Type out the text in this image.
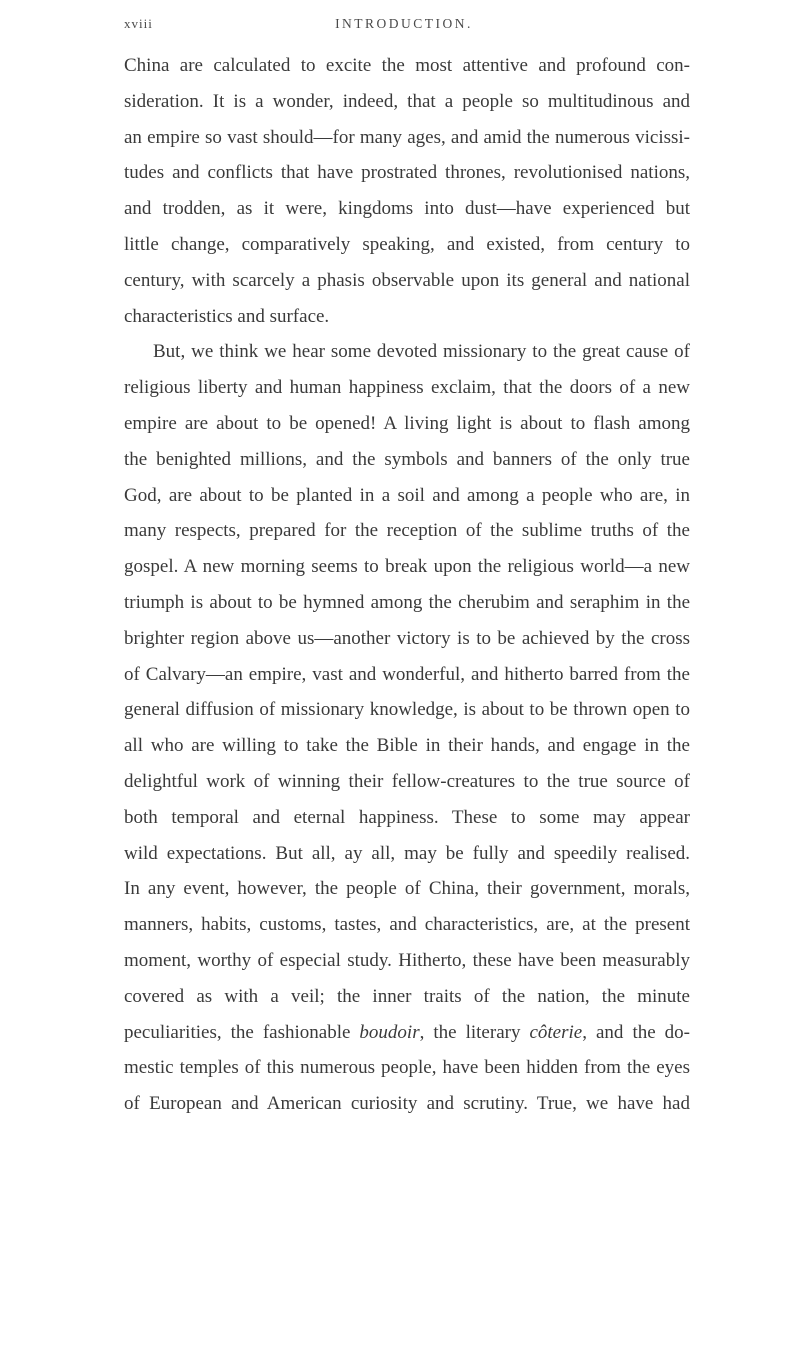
xviii	INTRODUCTION.
China are calculated to excite the most attentive and profound con-
sideration. It is a wonder, indeed, that a people so multitudinous and
an empire so vast should—for many ages, and amid the numerous vicissi-
tudes and conflicts that have prostrated thrones, revolutionised nations,
and trodden, as it were, kingdoms into dust—have experienced but
little change, comparatively speaking, and existed, from century to
century, with scarcely a phasis observable upon its general and national
characteristics and surface.
But, we think we hear some devoted missionary to the great cause of
religious liberty and human happiness exclaim, that the doors of a new
empire are about to be opened! A living light is about to flash among
the benighted millions, and the symbols and banners of the only true
God, are about to be planted in a soil and among a people who are, in
many respects, prepared for the reception of the sublime truths of the
gospel. A new morning seems to break upon the religious world—a new
triumph is about to be hymned among the cherubim and seraphim in the
brighter region above us—another victory is to be achieved by the cross
of Calvary—an empire, vast and wonderful, and hitherto barred from the
general diffusion of missionary knowledge, is about to be thrown open to
all who are willing to take the Bible in their hands, and engage in the
delightful work of winning their fellow-creatures to the true source of
both temporal and eternal happiness. These to some may appear
wild expectations. But all, ay all, may be fully and speedily realised.
In any event, however, the people of China, their government, morals,
manners, habits, customs, tastes, and characteristics, are, at the present
moment, worthy of especial study. Hitherto, these have been measurably
covered as with a veil; the inner traits of the nation, the minute
peculiarities, the fashionable boudoir, the literary côterie, and the do-
mestic temples of this numerous people, have been hidden from the eyes
of European and American curiosity and scrutiny. True, we have had
